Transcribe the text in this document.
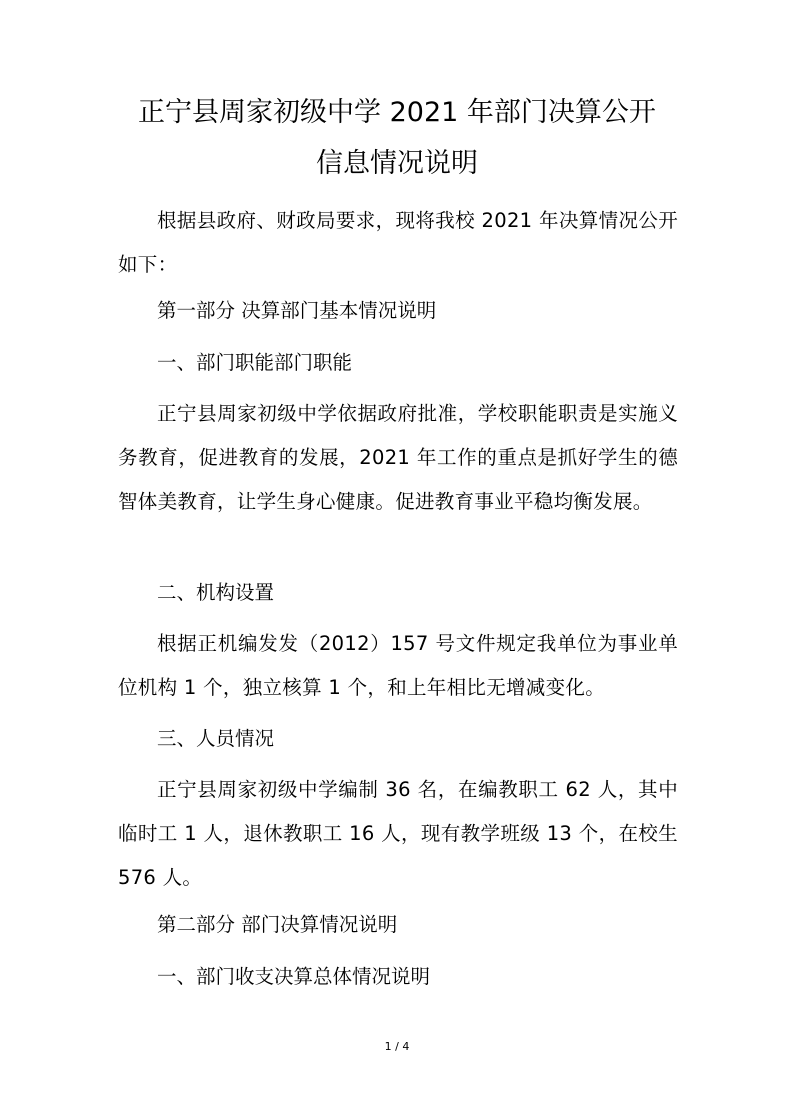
正宁县周家初级中学 2021 年部门决算公开
信息情况说明

根据县政府、财政局要求，现将我校 2021 年决算情况公开如下：

第一部分 决算部门基本情况说明

一、部门职能部门职能

正宁县周家初级中学依据政府批准，学校职能职责是实施义务教育，促进教育的发展，2021 年工作的重点是抓好学生的德智体美教育，让学生身心健康。促进教育事业平稳均衡发展。

二、机构设置

根据正机编发发（2012）157 号文件规定我单位为事业单位机构 1 个，独立核算 1 个，和上年相比无增减变化。

三、人员情况

正宁县周家初级中学编制 36 名，在编教职工 62 人，其中临时工 1 人，退休教职工 16 人，现有教学班级 13 个，在校生 576 人。

第二部分 部门决算情况说明

一、部门收支决算总体情况说明

1 / 4
